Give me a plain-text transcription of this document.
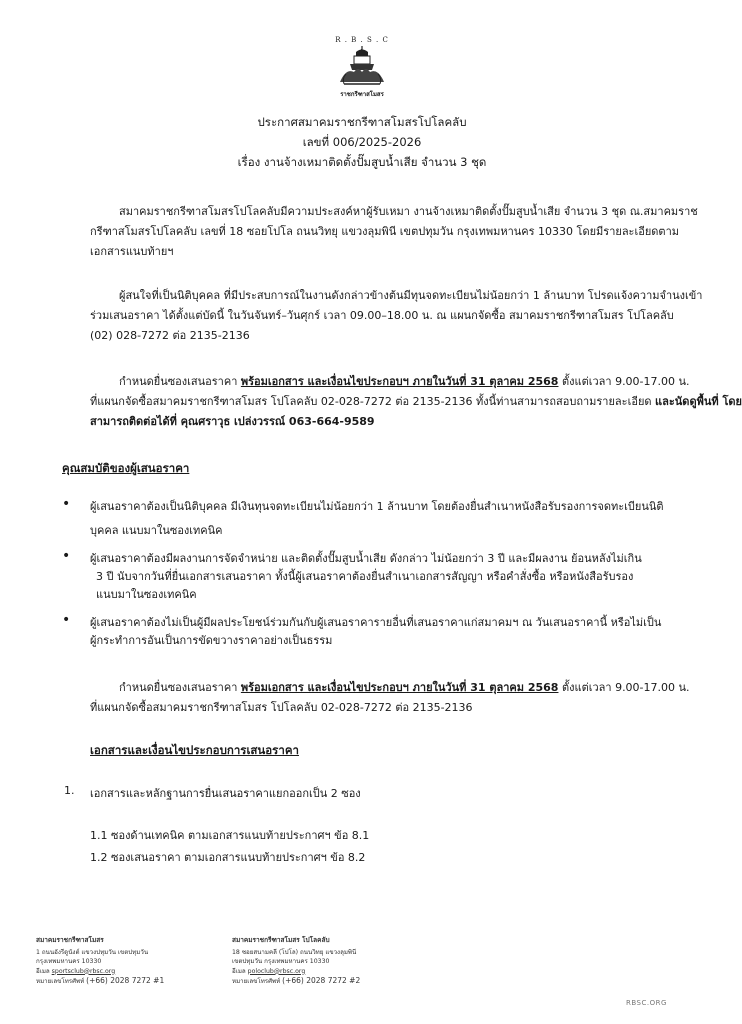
R . B . S . C .
ราชกรีฑาสโมสร
ประกาศสมาคมราชกรีฑาสโมสรโปโลคลับ
เลขที่ 006/2025-2026
เรื่อง งานจ้างเหมาติดตั้งปั๊มสูบน้ำเสีย จำนวน 3 ชุด
สมาคมราชกรีฑาสโมสรโปโลคลับมีความประสงค์หาผู้รับเหมา งานจ้างเหมาติดตั้งปั๊มสูบน้ำเสีย จำนวน 3 ชุด ณ.สมาคมราช
กรีฑาสโมสรโปโลคลับ เลขที่ 18 ซอยโปโล ถนนวิทยุ แขวงลุมพินี เขตปทุมวัน กรุงเทพมหานคร 10330 โดยมีรายละเอียดตาม
เอกสารแนบท้ายฯ
ผู้สนใจที่เป็นนิติบุคคล ที่มีประสบการณ์ในงานดังกล่าวข้างต้นมีทุนจดทะเบียนไม่น้อยกว่า 1 ล้านบาท โปรดแจ้งความจำนงเข้า
ร่วมเสนอราคา ได้ตั้งแต่บัดนี้ ในวันจันทร์–วันศุกร์ เวลา 09.00–18.00 น. ณ แผนกจัดซื้อ สมาคมราชกรีฑาสโมสร โปโลคลับ
(02) 028-7272 ต่อ 2135-2136
กำหนดยื่นซองเสนอราคา พร้อมเอกสาร และเงื่อนไขประกอบฯ ภายในวันที่ 31 ตุลาคม 2568 ตั้งแต่เวลา 9.00-17.00 น.
ที่แผนกจัดซื้อสมาคมราชกรีฑาสโมสร โปโลคลับ 02-028-7272 ต่อ 2135-2136 ทั้งนี้ท่านสามารถสอบถามรายละเอียด และนัดดูพื้นที่ โดย
สามารถติดต่อได้ที่ คุณศราวุธ เปล่งวรรณ์ 063-664-9589
คุณสมบัติของผู้เสนอราคา
• ผู้เสนอราคาต้องเป็นนิติบุคคล มีเงินทุนจดทะเบียนไม่น้อยกว่า 1 ล้านบาท โดยต้องยื่นสำเนาหนังสือรับรองการจดทะเบียนนิติ
บุคคล แนบมาในซองเทคนิค
• ผู้เสนอราคาต้องมีผลงานการจัดจำหน่าย และติดตั้งปั๊มสูบน้ำเสีย ดังกล่าว ไม่น้อยกว่า 3 ปี และมีผลงาน ย้อนหลังไม่เกิน
3 ปี นับจากวันที่ยื่นเอกสารเสนอราคา ทั้งนี้ผู้เสนอราคาต้องยื่นสำเนาเอกสารสัญญา หรือคำสั่งซื้อ หรือหนังสือรับรอง
แนบมาในซองเทคนิค
• ผู้เสนอราคาต้องไม่เป็นผู้มีผลประโยชน์ร่วมกันกับผู้เสนอราคารายอื่นที่เสนอราคาแก่สมาคมฯ ณ วันเสนอราคานี้ หรือไม่เป็น
ผู้กระทำการอันเป็นการขัดขวางราคาอย่างเป็นธรรม
กำหนดยื่นซองเสนอราคา พร้อมเอกสาร และเงื่อนไขประกอบฯ ภายในวันที่ 31 ตุลาคม 2568 ตั้งแต่เวลา 9.00-17.00 น.
ที่แผนกจัดซื้อสมาคมราชกรีฑาสโมสร โปโลคลับ 02-028-7272 ต่อ 2135-2136
เอกสารและเงื่อนไขประกอบการเสนอราคา
1. เอกสารและหลักฐานการยื่นเสนอราคาแยกออกเป็น 2 ซอง
1.1 ซองด้านเทคนิค ตามเอกสารแนบท้ายประกาศฯ ข้อ 8.1
1.2 ซองเสนอราคา ตามเอกสารแนบท้ายประกาศฯ ข้อ 8.2
สมาคมราชกรีฑาสโมสร
1 ถนนอังรีดูนังต์ แขวงปทุมวัน เขตปทุมวัน
กรุงเทพมหานคร 10330
อีเมล sportsclub@rbsc.org
หมายเลขโทรศัพท์ (+66) 2028 7272 #1
สมาคมราชกรีฑาสโมสร โปโลคลับ
18 ซอยสนามคลี (โปโล) ถนนวิทยุ แขวงลุมพินี
เขตปทุมวัน กรุงเทพมหานคร 10330
อีเมล poloclub@rbsc.org
หมายเลขโทรศัพท์ (+66) 2028 7272 #2
RBSC.ORG
